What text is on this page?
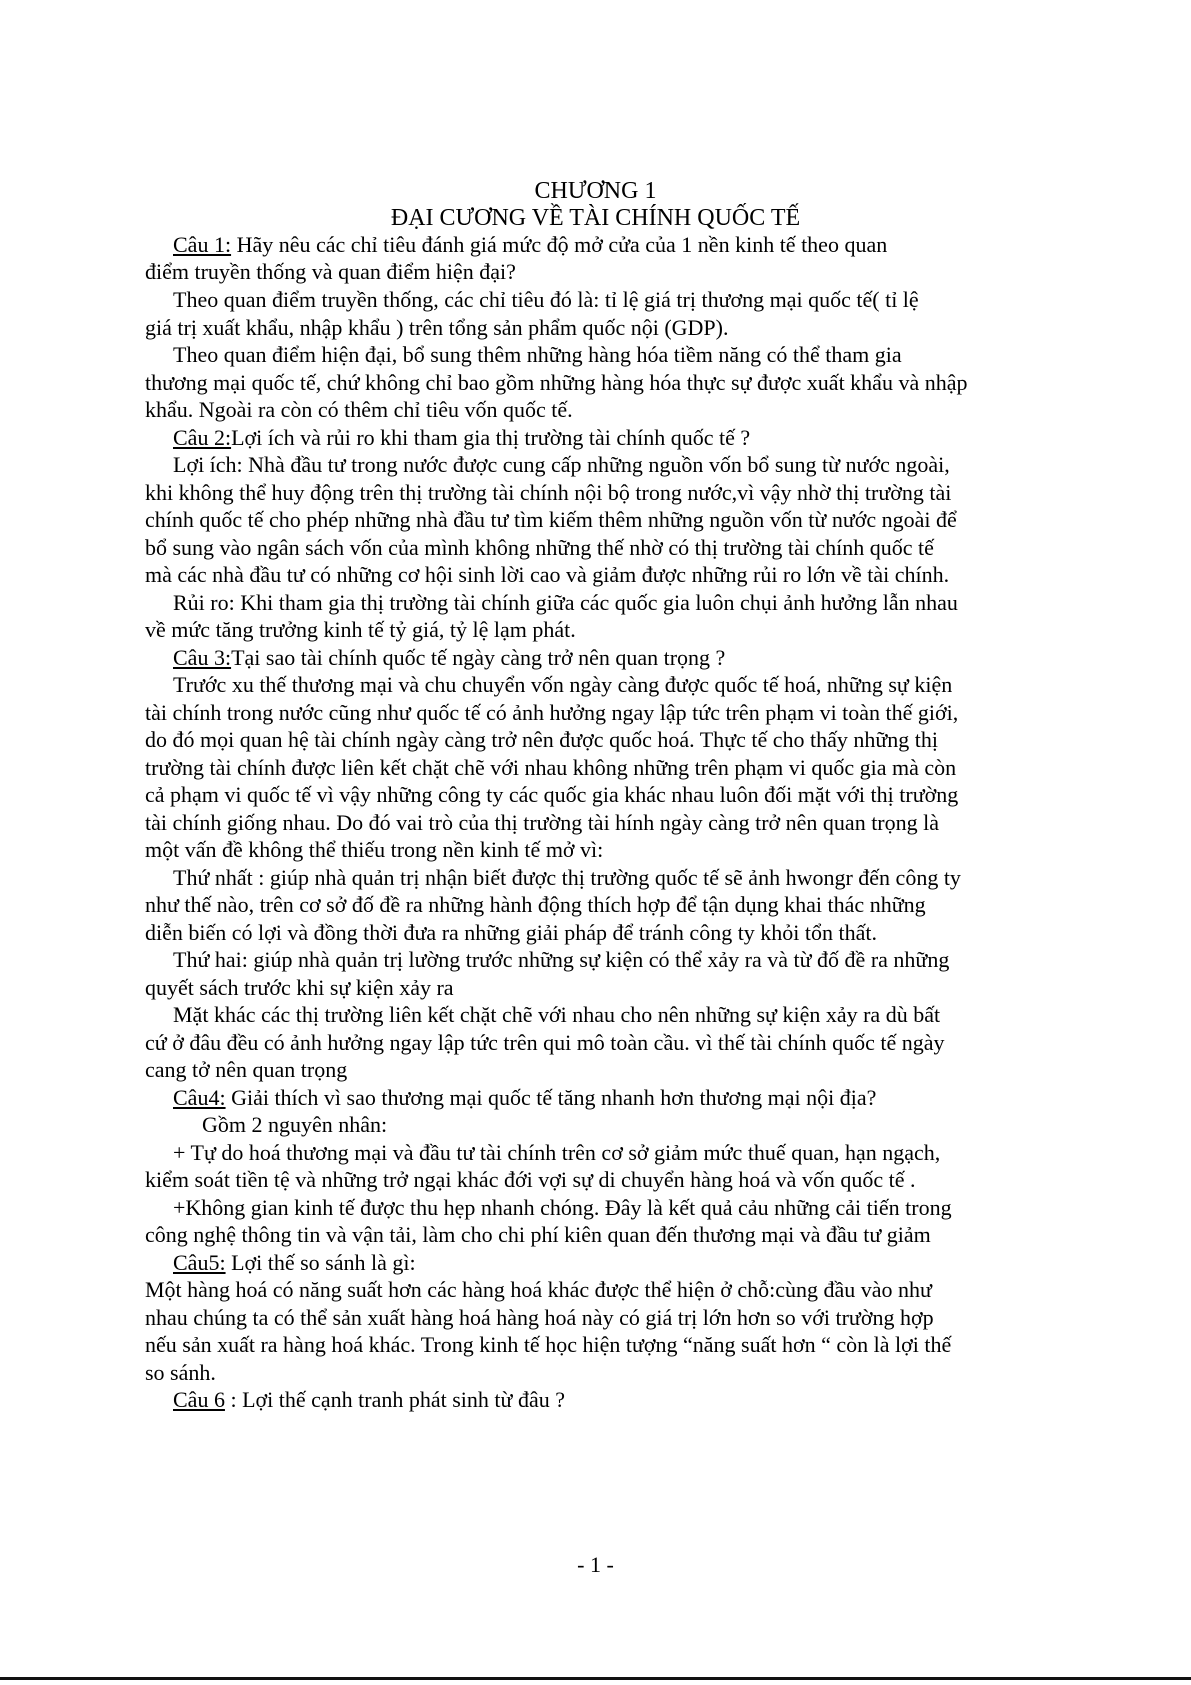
CHƯƠNG 1
ĐẠI CƯƠNG VỀ TÀI CHÍNH QUỐC TẾ
Câu 1: Hãy nêu các chỉ tiêu đánh giá mức độ mở cửa của 1 nền kinh tế theo quan
điểm truyền thống và quan điểm hiện đại?
Theo quan điểm truyền thống, các chỉ tiêu đó là: tỉ lệ giá trị thương mại quốc tế( tỉ lệ
giá trị xuất khẩu, nhập khẩu ) trên tổng sản phẩm quốc nội (GDP).
Theo quan điểm hiện đại, bổ sung thêm những hàng hóa tiềm năng có thể tham gia
thương mại quốc tế, chứ không chỉ bao gồm những hàng hóa thực sự được xuất khẩu và nhập
khẩu. Ngoài ra còn có thêm chỉ tiêu vốn quốc tế.
Câu 2:Lợi ích và rủi ro khi tham gia thị trường tài chính quốc tế ?
Lợi ích: Nhà đầu tư trong nước được cung cấp những nguồn vốn bổ sung từ nước ngoài,
khi không thể huy động trên thị trường tài chính nội bộ trong nước,vì vậy nhờ thị trường tài
chính quốc tế cho phép những nhà đầu tư tìm kiếm thêm những nguồn vốn từ nước ngoài để
bổ sung vào ngân sách vốn của mình không những thế nhờ có thị trường tài chính quốc tế
mà các nhà đầu tư có những cơ hội sinh lời cao và giảm được những rủi ro lớn về tài chính.
Rủi ro: Khi tham gia thị trường tài chính giữa các quốc gia luôn chụi ảnh hưởng lẫn nhau
về mức tăng trưởng kinh tế tỷ giá, tỷ lệ lạm phát.
Câu 3:Tại sao tài chính quốc tế ngày càng trở nên quan trọng ?
Trước xu thế thương mại và chu chuyển vốn ngày càng được quốc tế hoá, những sự kiện
tài chính trong nước cũng như quốc tế có ảnh hưởng ngay lập tức trên phạm vi toàn thế giới,
do đó mọi quan hệ tài chính ngày càng trở nên được quốc hoá. Thực tế cho thấy những thị
trường tài chính được liên kết chặt chẽ với nhau không những trên phạm vi quốc gia mà còn
cả phạm vi quốc tế vì vậy những công ty các quốc gia khác nhau luôn đối mặt với thị trường
tài chính giống nhau. Do đó vai trò của thị trường tài hính ngày càng trở nên quan trọng là
một vấn đề không thể thiếu trong nền kinh tế mở vì:
Thứ nhất : giúp nhà quản trị nhận biết được thị trường quốc tế sẽ ảnh hwongr đến công ty
như thế nào, trên cơ sở đố đề ra những hành động thích hợp để tận dụng khai thác những
diễn biến có lợi và đồng thời đưa ra những giải pháp để tránh công ty khỏi tổn thất.
Thứ hai: giúp nhà quản trị lường trước những sự kiện có thể xảy ra và từ đố đề ra những
quyết sách trước khi sự kiện xảy ra
Mặt khác các thị trường liên kết chặt chẽ với nhau cho nên những sự kiện xảy ra dù bất
cứ ở đâu đều có ảnh hưởng ngay lập tức trên qui mô toàn cầu. vì thế tài chính quốc tế ngày
cang tở nên quan trọng
Câu4: Giải thích vì sao thương mại quốc tế tăng nhanh hơn thương mại nội địa?
Gồm 2 nguyên nhân:
+ Tự do hoá thương mại và đầu tư tài chính trên cơ sở giảm mức thuế quan, hạn ngạch,
kiểm soát tiền tệ và những trở ngại khác đới vợi sự di chuyển hàng hoá và vốn quốc tế .
+Không gian kinh tế được thu hẹp nhanh chóng. Đây là kết quả cảu những cải tiến trong
công nghệ thông tin và vận tải, làm cho chi phí kiên quan đến thương mại và đầu tư giảm
Câu5: Lợi thế so sánh là gì:
Một hàng hoá có năng suất hơn các hàng hoá khác được thể hiện ở chỗ:cùng đầu vào như
nhau chúng ta có thể sản xuất hàng hoá hàng hoá này có giá trị lớn hơn so với trường hợp
nếu sản xuất ra hàng hoá khác. Trong kinh tế học hiện tượng “năng suất hơn “ còn là lợi thế
so sánh.
Câu 6 : Lợi thế cạnh tranh phát sinh từ đâu ?
- 1 -
